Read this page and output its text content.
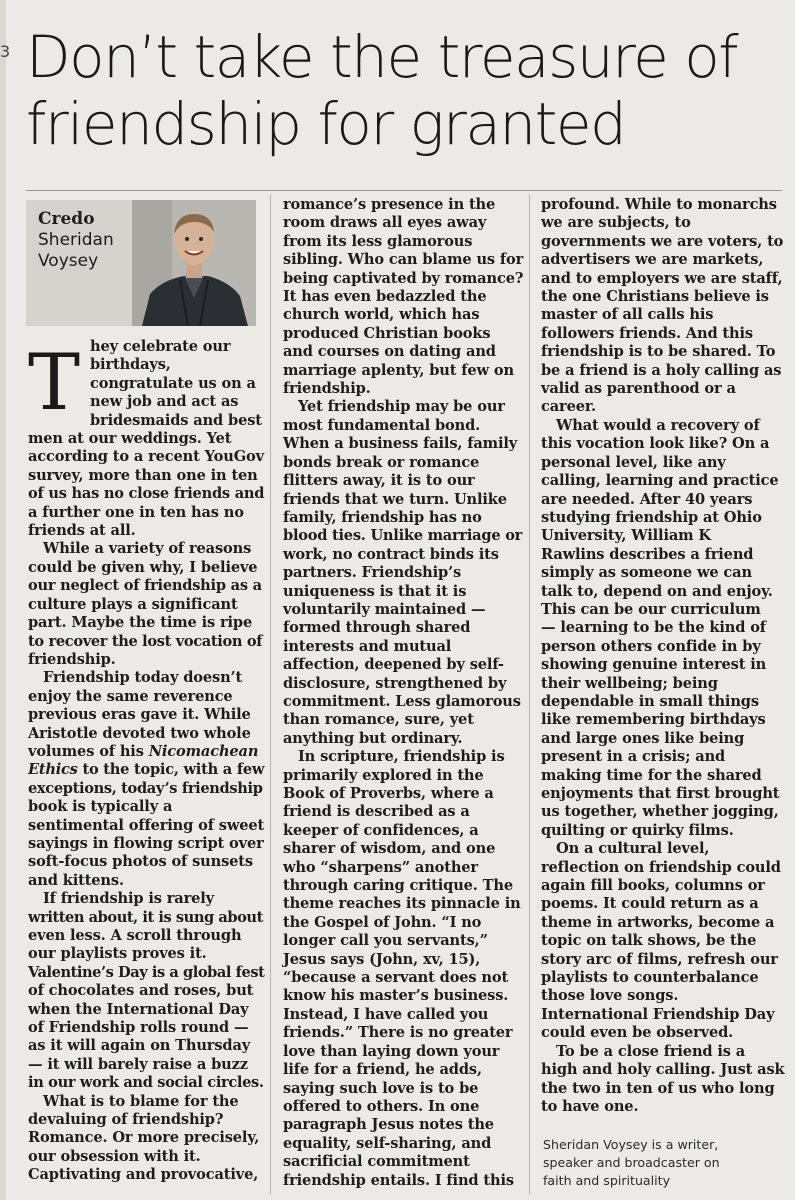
3 Don’t take the treasure of
friendship for granted
Credo
Sheridan
Voysey
T hey celebrate our
birthdays,
congratulate us on a
new job and act as
bridesmaids and best
men at our weddings. Yet
according to a recent YouGov
survey, more than one in ten
of us has no close friends and
a further one in ten has no
friends at all.
While a variety of reasons
could be given why, I believe
our neglect of friendship as a
culture plays a significant
part. Maybe the time is ripe
to recover the lost vocation of
friendship.
Friendship today doesn’t
enjoy the same reverence
previous eras gave it. While
Aristotle devoted two whole
volumes of his Nicomachean
Ethics to the topic, with a few
exceptions, today’s friendship
book is typically a
sentimental offering of sweet
sayings in flowing script over
soft-focus photos of sunsets
and kittens.
If friendship is rarely
written about, it is sung about
even less. A scroll through
our playlists proves it.
Valentine’s Day is a global fest
of chocolates and roses, but
when the International Day
of Friendship rolls round —
as it will again on Thursday
— it will barely raise a buzz
in our work and social circles.
What is to blame for the
devaluing of friendship?
Romance. Or more precisely,
our obsession with it.
Captivating and provocative,
romance’s presence in the
room draws all eyes away
from its less glamorous
sibling. Who can blame us for
being captivated by romance?
It has even bedazzled the
church world, which has
produced Christian books
and courses on dating and
marriage aplenty, but few on
friendship.
Yet friendship may be our
most fundamental bond.
When a business fails, family
bonds break or romance
flitters away, it is to our
friends that we turn. Unlike
family, friendship has no
blood ties. Unlike marriage or
work, no contract binds its
partners. Friendship’s
uniqueness is that it is
voluntarily maintained —
formed through shared
interests and mutual
affection, deepened by self-
disclosure, strengthened by
commitment. Less glamorous
than romance, sure, yet
anything but ordinary.
In scripture, friendship is
primarily explored in the
Book of Proverbs, where a
friend is described as a
keeper of confidences, a
sharer of wisdom, and one
who “sharpens” another
through caring critique. The
theme reaches its pinnacle in
the Gospel of John. “I no
longer call you servants,”
Jesus says (John, xv, 15),
“because a servant does not
know his master’s business.
Instead, I have called you
friends.” There is no greater
love than laying down your
life for a friend, he adds,
saying such love is to be
offered to others. In one
paragraph Jesus notes the
equality, self-sharing, and
sacrificial commitment
friendship entails. I find this
profound. While to monarchs
we are subjects, to
governments we are voters, to
advertisers we are markets,
and to employers we are staff,
the one Christians believe is
master of all calls his
followers friends. And this
friendship is to be shared. To
be a friend is a holy calling as
valid as parenthood or a
career.
What would a recovery of
this vocation look like? On a
personal level, like any
calling, learning and practice
are needed. After 40 years
studying friendship at Ohio
University, William K
Rawlins describes a friend
simply as someone we can
talk to, depend on and enjoy.
This can be our curriculum
— learning to be the kind of
person others confide in by
showing genuine interest in
their wellbeing; being
dependable in small things
like remembering birthdays
and large ones like being
present in a crisis; and
making time for the shared
enjoyments that first brought
us together, whether jogging,
quilting or quirky films.
On a cultural level,
reflection on friendship could
again fill books, columns or
poems. It could return as a
theme in artworks, become a
topic on talk shows, be the
story arc of films, refresh our
playlists to counterbalance
those love songs.
International Friendship Day
could even be observed.
To be a close friend is a
high and holy calling. Just ask
the two in ten of us who long
to have one.
Sheridan Voysey is a writer,
speaker and broadcaster on
faith and spirituality
